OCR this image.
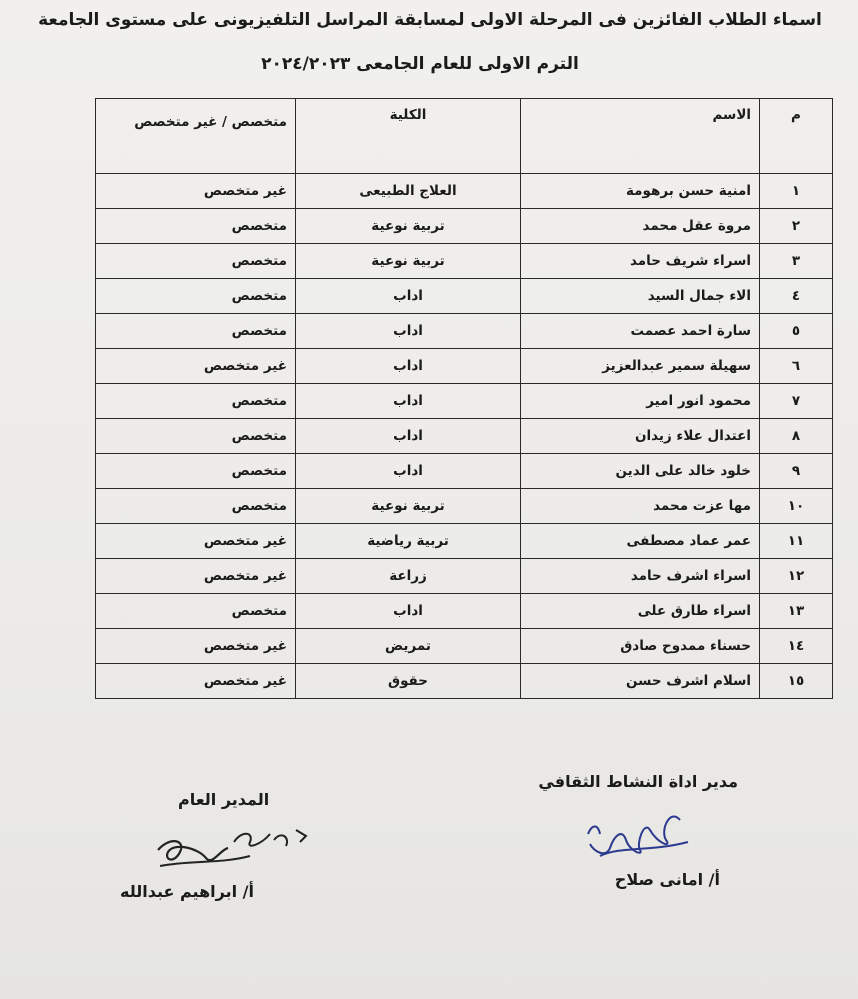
اسماء الطلاب الفائزين فى المرحلة الاولى لمسابقة المراسل التلفيزيونى على مستوى الجامعة
الترم الاولى للعام الجامعى ٢٠٢٤/٢٠٢٣
م	الاسم	الكلية	متخصص / غير متخصص
١	امنية حسن برهومة	العلاج الطبيعى	غير متخصص
٢	مروة عقل محمد	تربية نوعية	متخصص
٣	اسراء شريف حامد	تربية نوعية	متخصص
٤	الاء جمال السيد	اداب	متخصص
٥	سارة احمد عصمت	اداب	متخصص
٦	سهيلة سمير عبدالعزيز	اداب	غير متخصص
٧	محمود انور امير	اداب	متخصص
٨	اعتدال علاء زيدان	اداب	متخصص
٩	خلود خالد على الدين	اداب	متخصص
١٠	مها عزت محمد	تربية نوعية	متخصص
١١	عمر عماد مصطفى	تربية رياضية	غير متخصص
١٢	اسراء اشرف حامد	زراعة	غير متخصص
١٣	اسراء طارق على	اداب	متخصص
١٤	حسناء ممدوح صادق	تمريض	غير متخصص
١٥	اسلام اشرف حسن	حقوق	غير متخصص
مدير اداة النشاط الثقافي
أ/ امانى صلاح
المدير العام
أ/ ابراهيم عبدالله
